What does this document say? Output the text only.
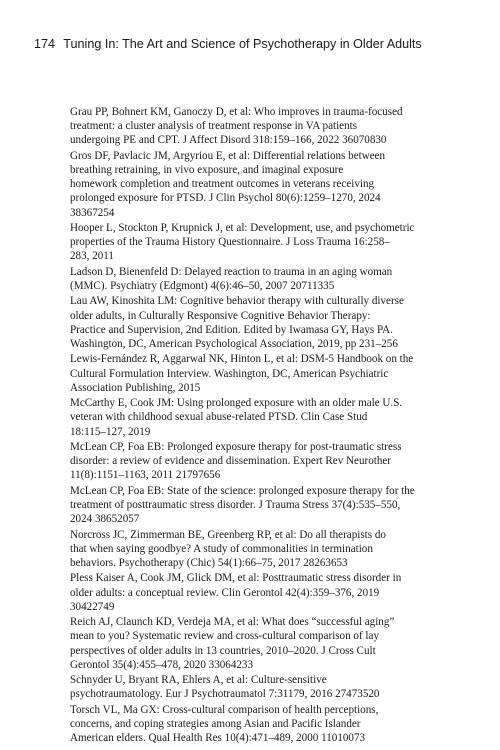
174 Tuning In: The Art and Science of Psychotherapy in Older Adults
Grau PP, Bohnert KM, Ganoczy D, et al: Who improves in trauma-focused
treatment: a cluster analysis of treatment response in VA patients
undergoing PE and CPT. J Affect Disord 318:159–166, 2022 36070830
Gros DF, Pavlacic JM, Argyriou E, et al: Differential relations between
breathing retraining, in vivo exposure, and imaginal exposure
homework completion and treatment outcomes in veterans receiving
prolonged exposure for PTSD. J Clin Psychol 80(6):1259–1270, 2024
38367254
Hooper L, Stockton P, Krupnick J, et al: Development, use, and psychometric
properties of the Trauma History Questionnaire. J Loss Trauma 16:258–
283, 2011
Ladson D, Bienenfeld D: Delayed reaction to trauma in an aging woman
(MMC). Psychiatry (Edgmont) 4(6):46–50, 2007 20711335
Lau AW, Kinoshita LM: Cognitive behavior therapy with culturally diverse
older adults, in Culturally Responsive Cognitive Behavior Therapy:
Practice and Supervision, 2nd Edition. Edited by Iwamasa GY, Hays PA.
Washington, DC, American Psychological Association, 2019, pp 231–256
Lewis-Fernández R, Aggarwal NK, Hinton L, et al: DSM-5 Handbook on the
Cultural Formulation Interview. Washington, DC, American Psychiatric
Association Publishing, 2015
McCarthy E, Cook JM: Using prolonged exposure with an older male U.S.
veteran with childhood sexual abuse-related PTSD. Clin Case Stud
18:115–127, 2019
McLean CP, Foa EB: Prolonged exposure therapy for post-traumatic stress
disorder: a review of evidence and dissemination. Expert Rev Neurother
11(8):1151–1163, 2011 21797656
McLean CP, Foa EB: State of the science: prolonged exposure therapy for the
treatment of posttraumatic stress disorder. J Trauma Stress 37(4):535–550,
2024 38652057
Norcross JC, Zimmerman BE, Greenberg RP, et al: Do all therapists do
that when saying goodbye? A study of commonalities in termination
behaviors. Psychotherapy (Chic) 54(1):66–75, 2017 28263653
Pless Kaiser A, Cook JM, Glick DM, et al: Posttraumatic stress disorder in
older adults: a conceptual review. Clin Gerontol 42(4):359–376, 2019
30422749
Reich AJ, Claunch KD, Verdeja MA, et al: What does “successful aging”
mean to you? Systematic review and cross-cultural comparison of lay
perspectives of older adults in 13 countries, 2010–2020. J Cross Cult
Gerontol 35(4):455–478, 2020 33064233
Schnyder U, Bryant RA, Ehlers A, et al: Culture-sensitive
psychotraumatology. Eur J Psychotraumatol 7:31179, 2016 27473520
Torsch VL, Ma GX: Cross-cultural comparison of health perceptions,
concerns, and coping strategies among Asian and Pacific Islander
American elders. Qual Health Res 10(4):471–489, 2000 11010073
